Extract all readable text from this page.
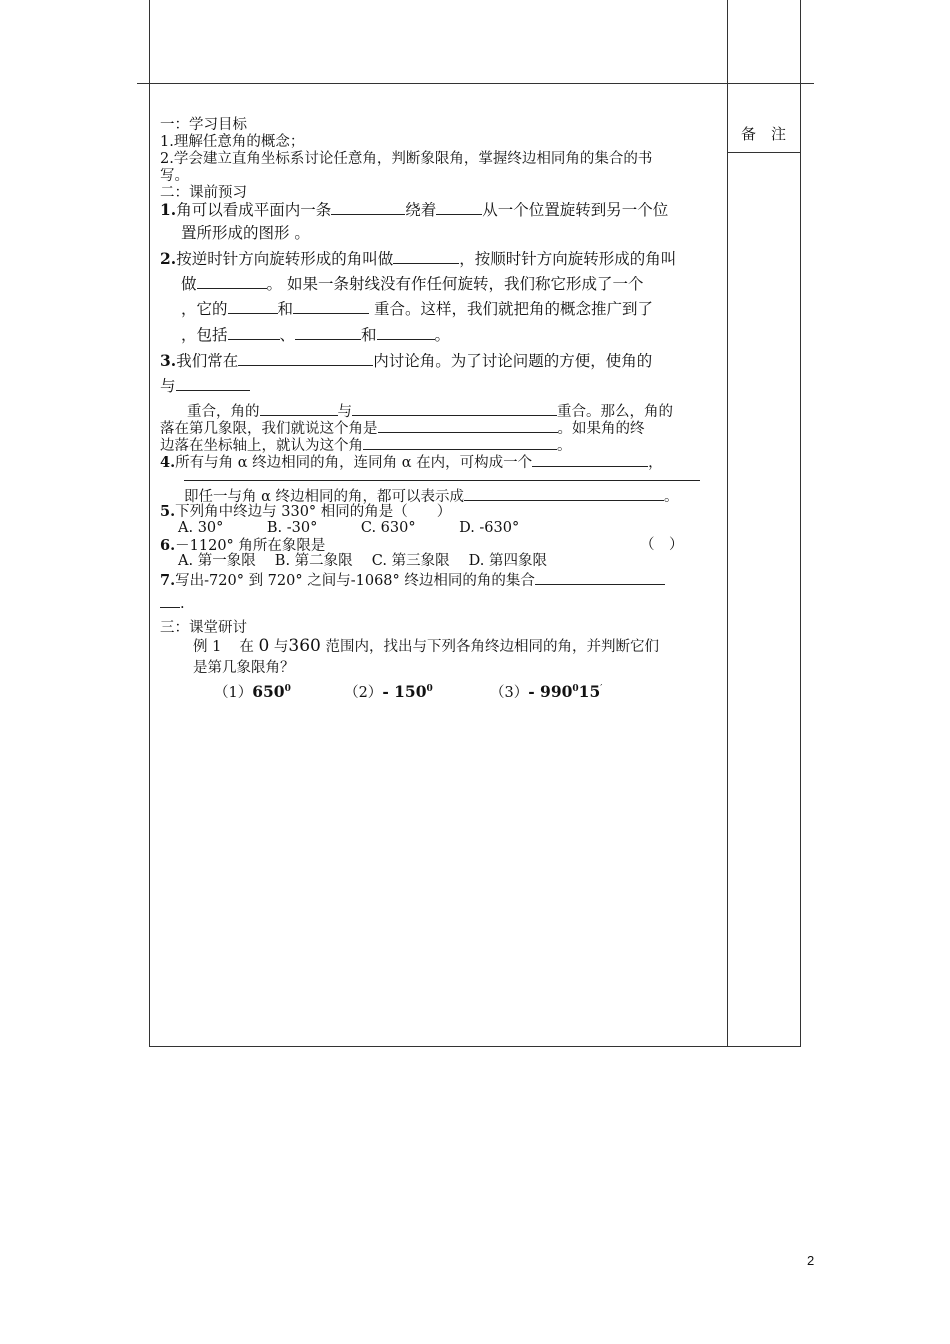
备　注
一：学习目标
1.理解任意角的概念；
2.学会建立直角坐标系讨论任意角，判断象限角，掌握终边相同角的集合的书
写。
二：课前预习
1.角可以看成平面内一条	绕着	从一个位置旋转到另一个位
置所形成的图形 。
2.按逆时针方向旋转形成的角叫做	，按顺时针方向旋转形成的角叫
做	。 如果一条射线没有作任何旋转，我们称它形成了一个
，它的	和	重合。这样，我们就把角的概念推广到了
，包括	、	和	。
3.我们常在	内讨论角。为了讨论问题的方便，使角的
与
重合，角的	与	重合。那么，角的
落在第几象限，我们就说这个角是	。如果角的终
边落在坐标轴上，就认为这个角	。
4.所有与角 α 终边相同的角，连同角 α 在内，可构成一个	，
即任一与角 α 终边相同的角，都可以表示成	。
5.下列角中终边与 330° 相同的角是（　　）
A. 30°　　　B. -30°　　　C. 630°　　　D. -630°
6.－1120° 角所在象限是	（　）
A. 第一象限　 B. 第二象限　 C. 第三象限　 D. 第四象限
7.写出-720° 到 720° 之间与-1068° 终边相同的角的集合
.
三：课堂研讨
例 1 在 0 与360 范围内，找出与下列各角终边相同的角，并判断它们
是第几象限角？
$(1)650^0$	（2）- $150^0$	（3）- $990^015'$
2
